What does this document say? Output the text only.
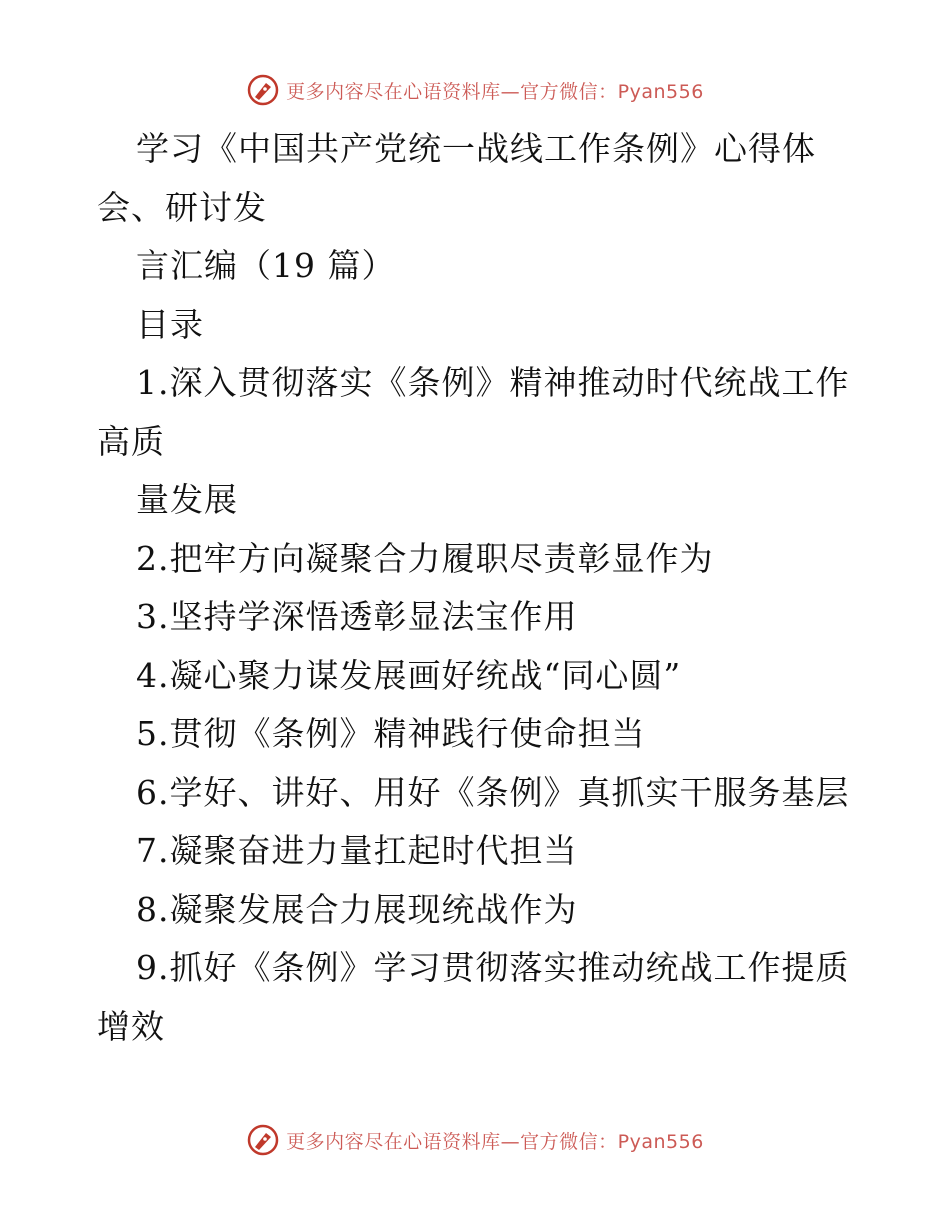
更多内容尽在心语资料库—官方微信：Pyan556
学习《中国共产党统一战线工作条例》心得体
会、研讨发
言汇编（19 篇）
目录
1.深入贯彻落实《条例》精神推动时代统战工作
高质
量发展
2.把牢方向凝聚合力履职尽责彰显作为
3.坚持学深悟透彰显法宝作用
4.凝心聚力谋发展画好统战“同心圆”
5.贯彻《条例》精神践行使命担当
6.学好、讲好、用好《条例》真抓实干服务基层
7.凝聚奋进力量扛起时代担当
8.凝聚发展合力展现统战作为
9.抓好《条例》学习贯彻落实推动统战工作提质
增效
更多内容尽在心语资料库—官方微信：Pyan556
